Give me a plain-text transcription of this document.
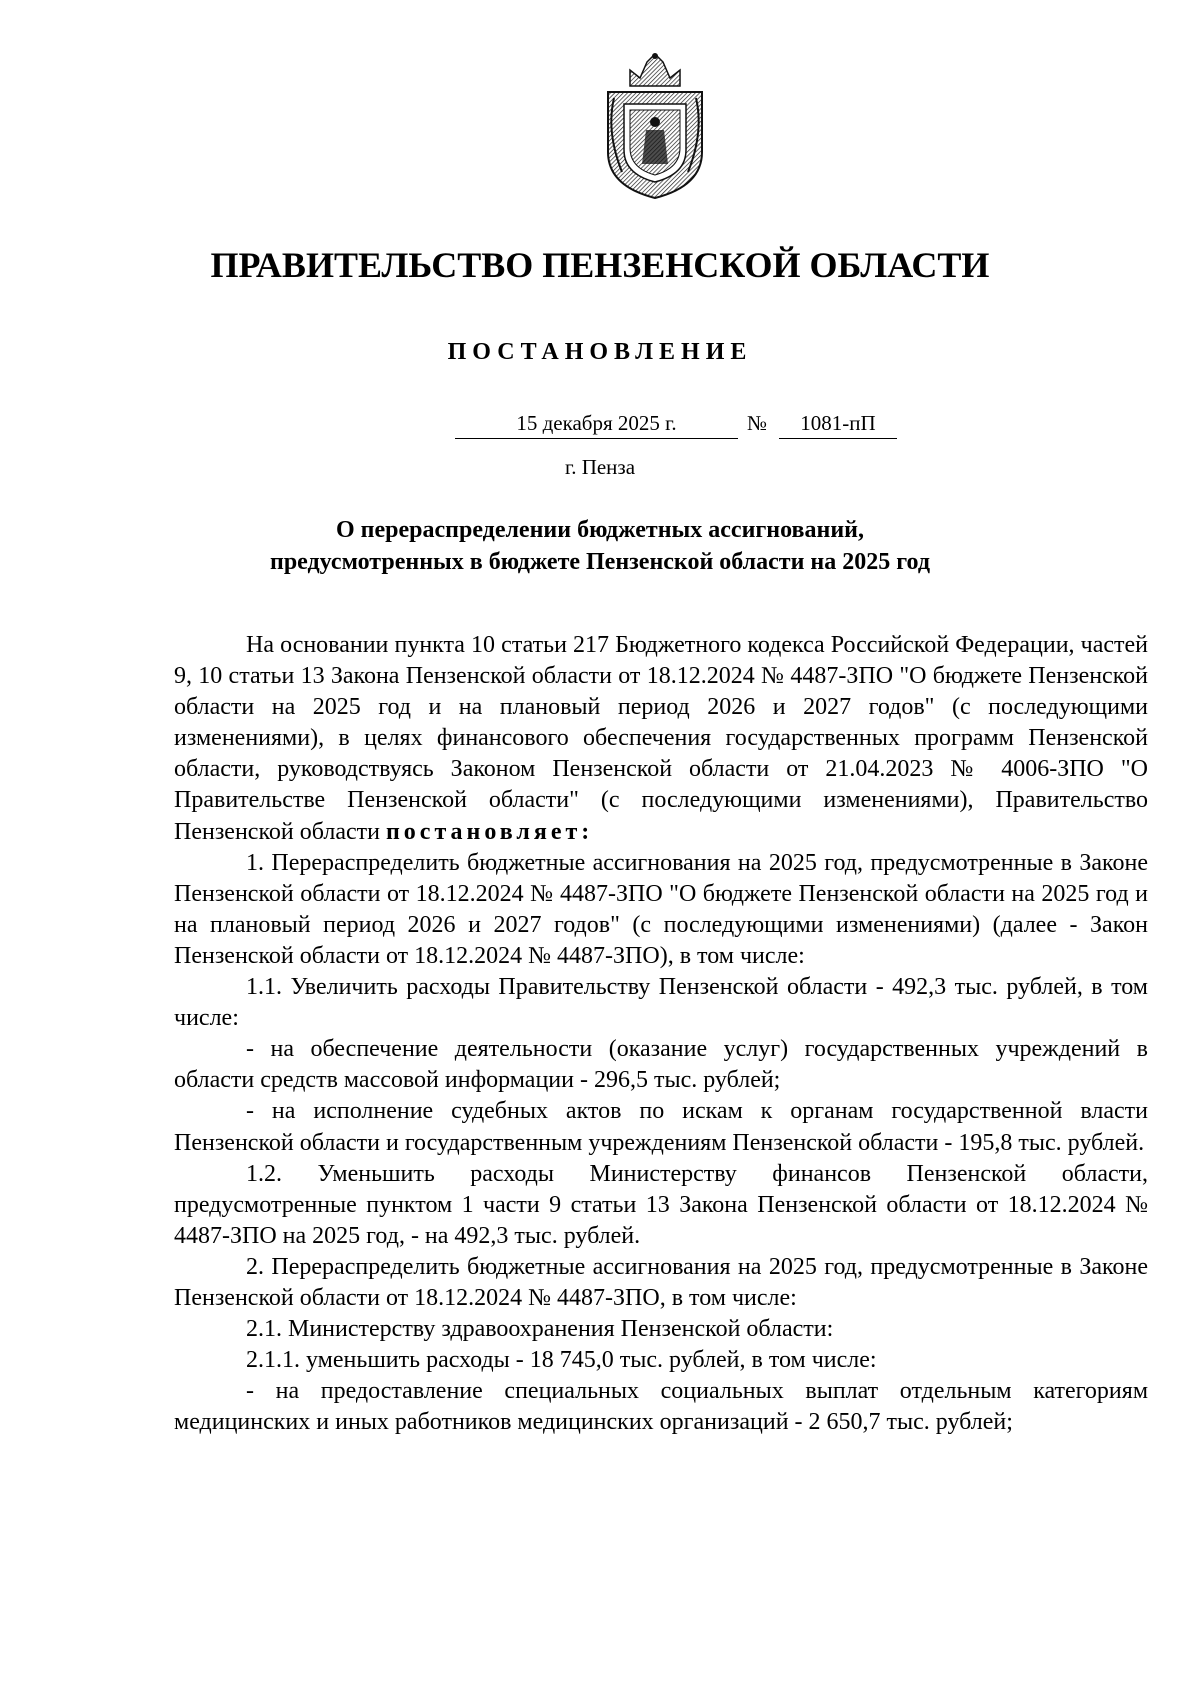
ПРАВИТЕЛЬСТВО ПЕНЗЕНСКОЙ ОБЛАСТИ
ПОСТАНОВЛЕНИЕ
15 декабря 2025 г.	№	1081-пП
г. Пенза
О перераспределении бюджетных ассигнований,
предусмотренных в бюджете Пензенской области на 2025 год

На основании пункта 10 статьи 217 Бюджетного кодекса Российской Федерации, частей 9, 10 статьи 13 Закона Пензенской области от 18.12.2024 № 4487-ЗПО "О бюджете Пензенской области на 2025 год и на плановый период 2026 и 2027 годов" (с последующими изменениями), в целях финансового обеспечения государственных программ Пензенской области, руководствуясь Законом Пензенской области от 21.04.2023 № 4006-ЗПО "О Правительстве Пензенской области" (с последующими изменениями), Правительство Пензенской области постановляет:

1. Перераспределить бюджетные ассигнования на 2025 год, предусмотренные в Законе Пензенской области от 18.12.2024 № 4487-ЗПО "О бюджете Пензенской области на 2025 год и на плановый период 2026 и 2027 годов" (с последующими изменениями) (далее - Закон Пензенской области от 18.12.2024 № 4487-ЗПО), в том числе:

1.1. Увеличить расходы Правительству Пензенской области - 492,3 тыс. рублей, в том числе:

- на обеспечение деятельности (оказание услуг) государственных учреждений в области средств массовой информации - 296,5 тыс. рублей;

- на исполнение судебных актов по искам к органам государственной власти Пензенской области и государственным учреждениям Пензенской области - 195,8 тыс. рублей.

1.2. Уменьшить расходы Министерству финансов Пензенской области, предусмотренные пунктом 1 части 9 статьи 13 Закона Пензенской области от 18.12.2024 № 4487-ЗПО на 2025 год, - на 492,3 тыс. рублей.

2. Перераспределить бюджетные ассигнования на 2025 год, предусмотренные в Законе Пензенской области от 18.12.2024 № 4487-ЗПО, в том числе:

2.1. Министерству здравоохранения Пензенской области:

2.1.1. уменьшить расходы - 18 745,0 тыс. рублей, в том числе:

- на предоставление специальных социальных выплат отдельным категориям медицинских и иных работников медицинских организаций - 2 650,7 тыс. рублей;
